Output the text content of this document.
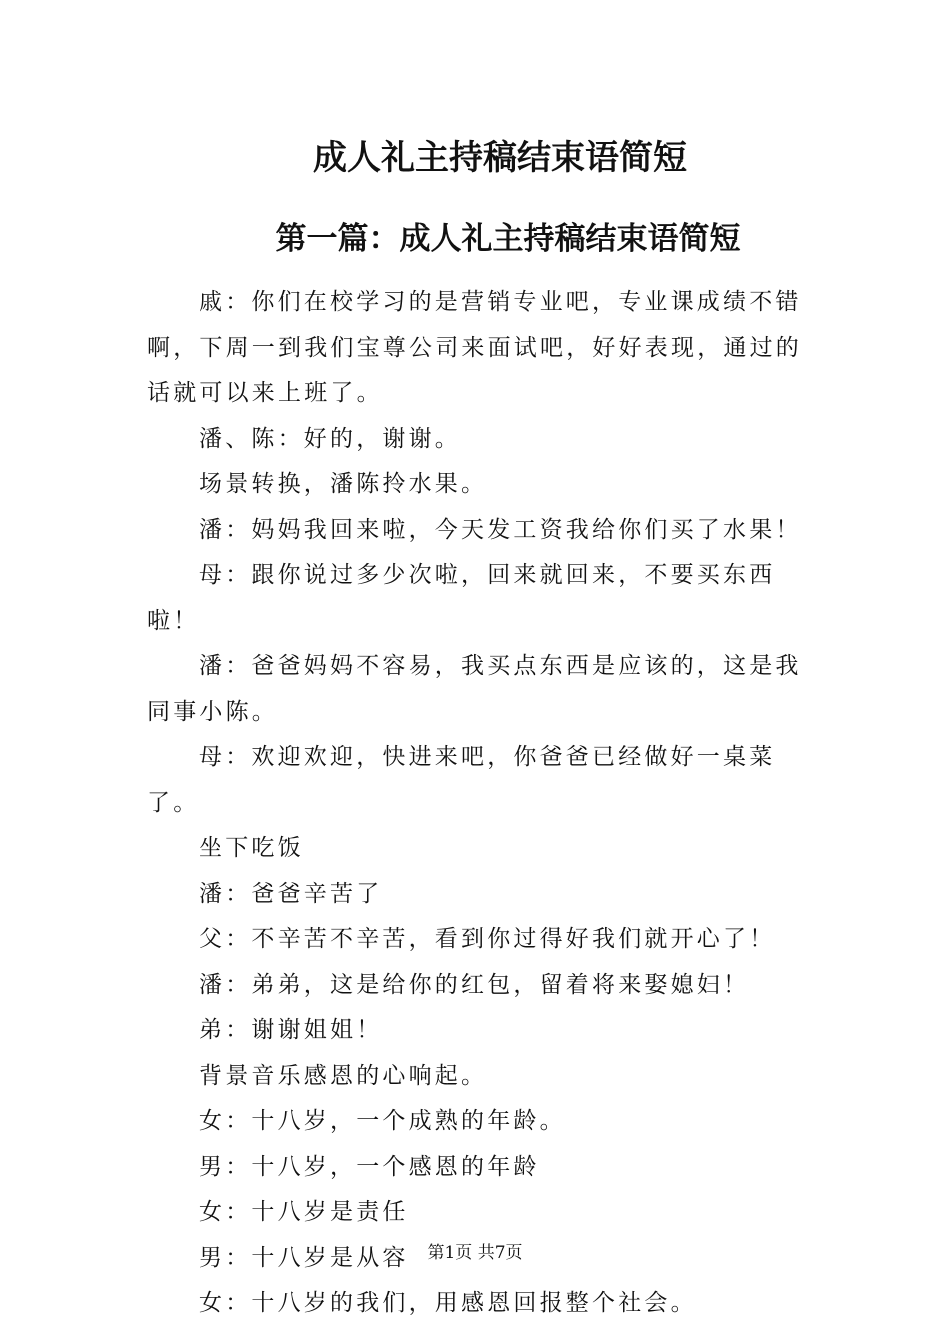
成人礼主持稿结束语简短
第一篇：成人礼主持稿结束语简短

戚：你们在校学习的是营销专业吧，专业课成绩不错啊，下周一到我们宝尊公司来面试吧，好好表现，通过的话就可以来上班了。

潘、陈：好的，谢谢。

场景转换，潘陈拎水果。

潘：妈妈我回来啦，今天发工资我给你们买了水果！

母：跟你说过多少次啦，回来就回来，不要买东西啦！

潘：爸爸妈妈不容易，我买点东西是应该的，这是我同事小陈。

母：欢迎欢迎，快进来吧，你爸爸已经做好一桌菜了。

坐下吃饭

潘：爸爸辛苦了

父：不辛苦不辛苦，看到你过得好我们就开心了！

潘：弟弟，这是给你的红包，留着将来娶媳妇！

弟：谢谢姐姐！

背景音乐感恩的心响起。

女：十八岁，一个成熟的年龄。

男：十八岁，一个感恩的年龄

女：十八岁是责任

男：十八岁是从容

女：十八岁的我们，用感恩回报整个社会。

第1页 共7页
